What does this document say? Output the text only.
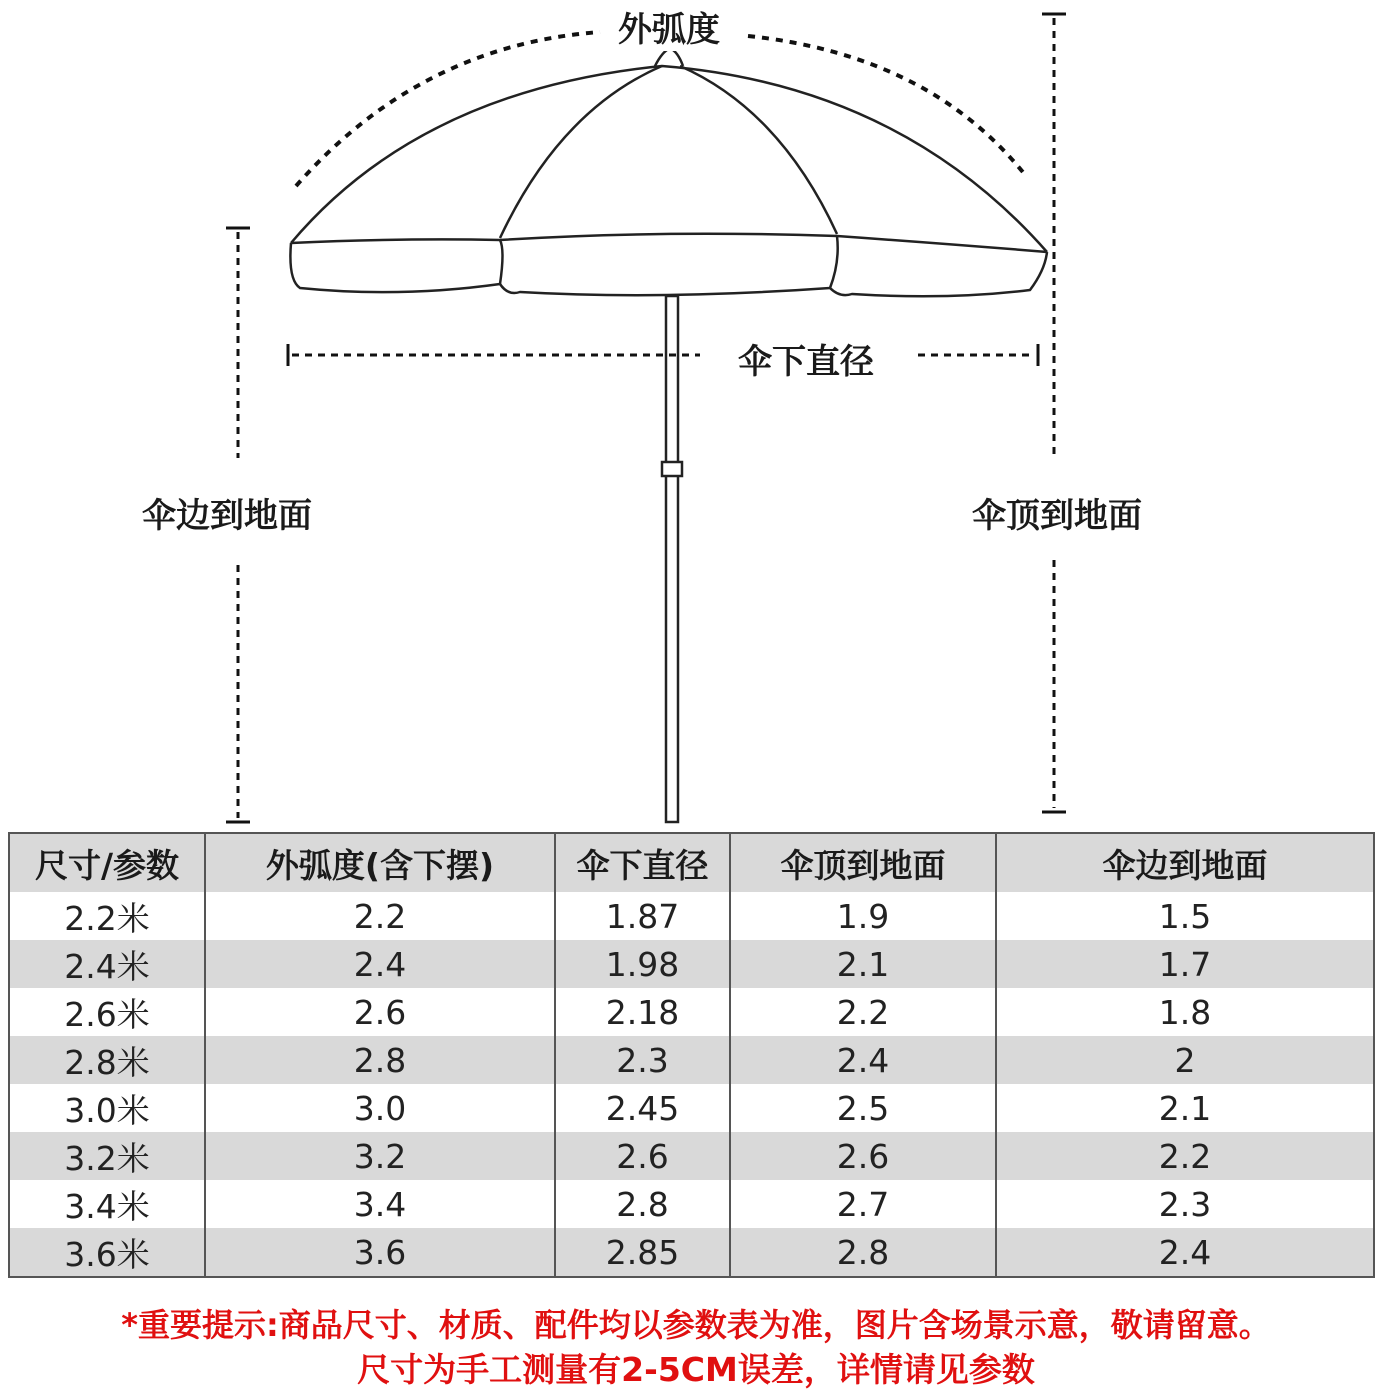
外弧度
伞下直径
伞边到地面	伞顶到地面
尺寸/参数	外弧度(含下摆)	伞下直径	伞顶到地面	伞边到地面
2.2米	2.2	1.87	1.9	1.5
2.4米	2.4	1.98	2.1	1.7
2.6米	2.6	2.18	2.2	1.8
2.8米	2.8	2.3	2.4	2
3.0米	3.0	2.45	2.5	2.1
3.2米	3.2	2.6	2.6	2.2
3.4米	3.4	2.8	2.7	2.3
3.6米	3.6	2.85	2.8	2.4
*重要提示:商品尺寸、材质、配件均以参数表为准，图片含场景示意，敬请留意。
尺寸为手工测量有2-5CM误差，详情请见参数
